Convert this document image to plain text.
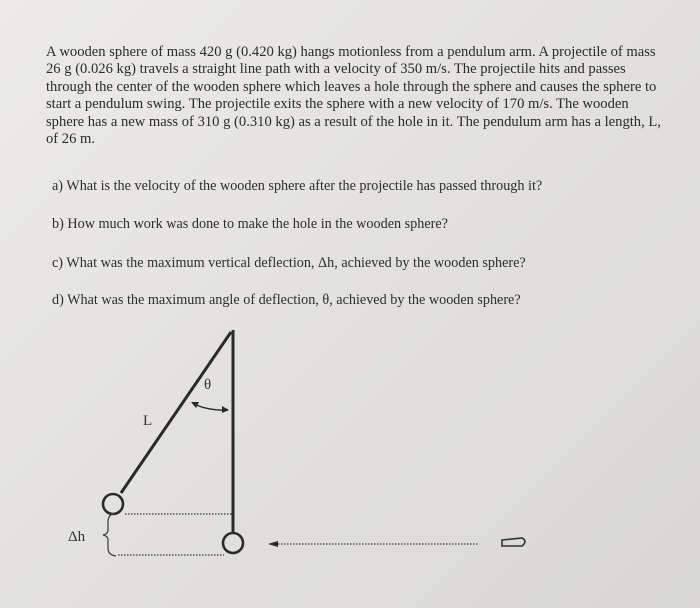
A wooden sphere of mass 420 g (0.420 kg) hangs motionless from a pendulum arm. A projectile of mass 26 g (0.026 kg) travels a straight line path with a velocity of 350 m/s. The projectile hits and passes through the center of the wooden sphere which leaves a hole through the sphere and causes the sphere to start a pendulum swing. The projectile exits the sphere with a new velocity of 170 m/s. The wooden sphere has a new mass of 310 g (0.310 kg) as a result of the hole in it. The pendulum arm has a length, L, of 26 m.
a) What is the velocity of the wooden sphere after the projectile has passed through it?
b) How much work was done to make the hole in the wooden sphere?
c) What was the maximum vertical deflection, Δh, achieved by the wooden sphere?
d) What was the maximum angle of deflection, θ, achieved by the wooden sphere?
θ
L
Δh
